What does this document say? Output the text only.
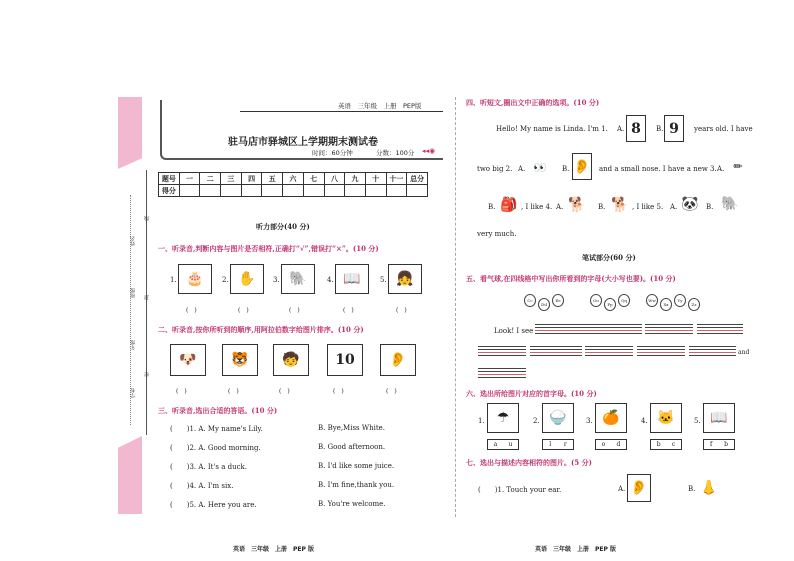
姓名
班级
年级
学校
线
封
密
英语　三年级　上册　PEP版
驻马店市驿城区上学期期末测试卷
时间：60分钟	分数：100分 ◂◂◉
题号	一	二	三	四	五	六	七	八	九	十	十一	总分
得分												
听力部分(40 分)
一、听录音,判断内容与图片是否相符,正确打“√”,错误打“×”。(10 分)
1. 🎂
(　)
2. ✋
(　)
3. 🐘
(　)
4. 📖
(　)
5. 👧
(　)
二、听录音,按你所听到的顺序,用阿拉伯数字给图片排序。(10 分)
🐶
(　)
🐯
(　)
🧒
(　)
10
(　)
👂
(　)
三、听录音,选出合适的答语。(10 分)
(　　)1. A. My name's Lily.	B. Bye,Miss White.
(　　)2. A. Good morning.	B. Good afternoon.
(　　)3. A. It's a duck.	B. I'd like some juice.
(　　)4. A. I'm six.	B. I'm fine,thank you.
(　　)5. A. Here you are.	B. You're welcome.
英语　三年级　上册　PEP 版
四、听短文,圈出文中正确的选项。(10 分)
Hello! My name is Linda. I'm 1. A. 8	B. 9	years old. I have
two big 2. A. 👀	B. 👂 and a small nose. I have a new 3. A. ✏
B. 🎒 , I like 4. A. 🐕	B. 🐕 , I like 5. A. 🐼	B. 🐘
very much.
笔试部分(60 分)
五、看气球,在四线格中写出你所看到的字母(大小写也要)。(10 分)
Cc
Dd
Ee	Oo
Pp
Qq	Ww
Xx
Yy
Zz
Look! I see
and
六、选出所给图片对应的首字母。(10 分)
1. ☂
a u
2. 🍚
l r
3. 🍊
o d
4. 🐱
b c
5. 📖
f b
七、选出与描述内容相符的图片。(5 分)
(　　)1. Touch your ear.	A. 👂	B. 👃
英语　三年级　上册　PEP 版
